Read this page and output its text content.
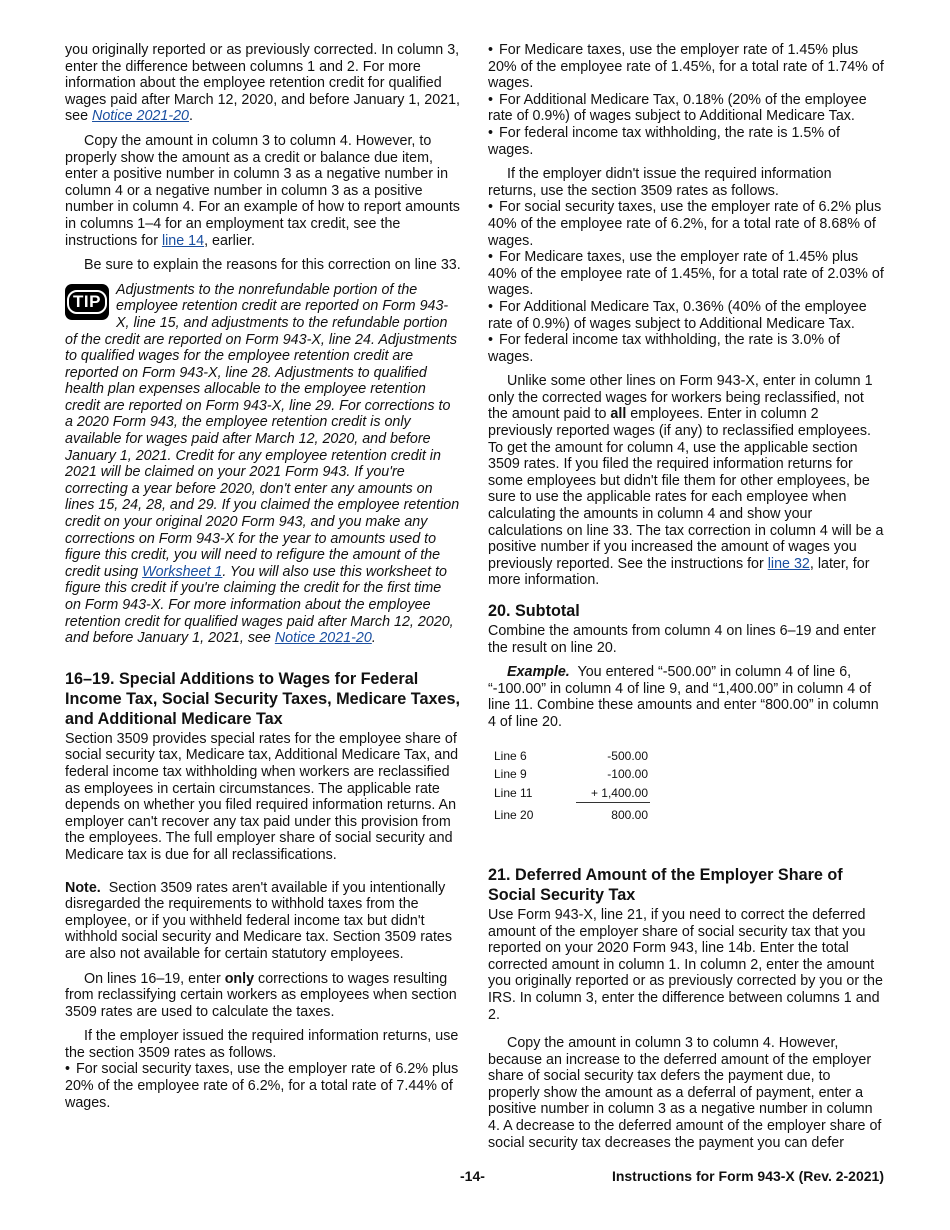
you originally reported or as previously corrected. In column 3, enter the difference between columns 1 and 2. For more information about the employee retention credit for qualified wages paid after March 12, 2020, and before January 1, 2021, see Notice 2021-20.

Copy the amount in column 3 to column 4. However, to properly show the amount as a credit or balance due item, enter a positive number in column 3 as a negative number in column 4 or a negative number in column 3 as a positive number in column 4. For an example of how to report amounts in columns 1–4 for an employment tax credit, see the instructions for line 14, earlier.

Be sure to explain the reasons for this correction on line 33.

TIP
Adjustments to the nonrefundable portion of the employee retention credit are reported on Form 943-X, line 15, and adjustments to the refundable portion of the credit are reported on Form 943-X, line 24. Adjustments to qualified wages for the employee retention credit are reported on Form 943-X, line 28. Adjustments to qualified health plan expenses allocable to the employee retention credit are reported on Form 943-X, line 29. For corrections to a 2020 Form 943, the employee retention credit is only available for wages paid after March 12, 2020, and before January 1, 2021. Credit for any employee retention credit in 2021 will be claimed on your 2021 Form 943. If you're correcting a year before 2020, don't enter any amounts on lines 15, 24, 28, and 29. If you claimed the employee retention credit on your original 2020 Form 943, and you make any corrections on Form 943-X for the year to amounts used to figure this credit, you will need to refigure the amount of the credit using Worksheet 1. You will also use this worksheet to figure this credit if you're claiming the credit for the first time on Form 943-X. For more information about the employee retention credit for qualified wages paid after March 12, 2020, and before January 1, 2021, see Notice 2021-20.
16–19. Special Additions to Wages for Federal Income Tax, Social Security Taxes, Medicare Taxes, and Additional Medicare Tax

Section 3509 provides special rates for the employee share of social security tax, Medicare tax, Additional Medicare Tax, and federal income tax withholding when workers are reclassified as employees in certain circumstances. The applicable rate depends on whether you filed required information returns. An employer can't recover any tax paid under this provision from the employees. The full employer share of social security and Medicare tax is due for all reclassifications.

Note. Section 3509 rates aren't available if you intentionally disregarded the requirements to withhold taxes from the employee, or if you withheld federal income tax but didn't withhold social security and Medicare tax. Section 3509 rates are also not available for certain statutory employees.

On lines 16–19, enter only corrections to wages resulting from reclassifying certain workers as employees when section 3509 rates are used to calculate the taxes.

If the employer issued the required information returns, use the section 3509 rates as follows.

• For social security taxes, use the employer rate of 6.2% plus 20% of the employee rate of 6.2%, for a total rate of 7.44% of wages.

• For Medicare taxes, use the employer rate of 1.45% plus 20% of the employee rate of 1.45%, for a total rate of 1.74% of wages.

• For Additional Medicare Tax, 0.18% (20% of the employee rate of 0.9%) of wages subject to Additional Medicare Tax.

• For federal income tax withholding, the rate is 1.5% of wages.

If the employer didn't issue the required information returns, use the section 3509 rates as follows.

• For social security taxes, use the employer rate of 6.2% plus 40% of the employee rate of 6.2%, for a total rate of 8.68% of wages.

• For Medicare taxes, use the employer rate of 1.45% plus 40% of the employee rate of 1.45%, for a total rate of 2.03% of wages.

• For Additional Medicare Tax, 0.36% (40% of the employee rate of 0.9%) of wages subject to Additional Medicare Tax.

• For federal income tax withholding, the rate is 3.0% of wages.

Unlike some other lines on Form 943-X, enter in column 1 only the corrected wages for workers being reclassified, not the amount paid to all employees. Enter in column 2 previously reported wages (if any) to reclassified employees. To get the amount for column 4, use the applicable section 3509 rates. If you filed the required information returns for some employees but didn't file them for other employees, be sure to use the applicable rates for each employee when calculating the amounts in column 4 and show your calculations on line 33. The tax correction in column 4 will be a positive number if you increased the amount of wages you previously reported. See the instructions for line 32, later, for more information.

20. Subtotal

Combine the amounts from column 4 on lines 6–19 and enter the result on line 20.

Example. You entered “-500.00” in column 4 of line 6, “-100.00” in column 4 of line 9, and “1,400.00” in column 4 of line 11. Combine these amounts and enter “800.00” in column 4 of line 20.

Line 6	-500.00
Line 9	-100.00
Line 11	+ 1,400.00
Line 20	800.00
21. Deferred Amount of the Employer Share of Social Security Tax

Use Form 943-X, line 21, if you need to correct the deferred amount of the employer share of social security tax that you reported on your 2020 Form 943, line 14b. Enter the total corrected amount in column 1. In column 2, enter the amount you originally reported or as previously corrected by you or the IRS. In column 3, enter the difference between columns 1 and 2.

Copy the amount in column 3 to column 4. However, because an increase to the deferred amount of the employer share of social security tax defers the payment due, to properly show the amount as a deferral of payment, enter a positive number in column 3 as a negative number in column 4. A decrease to the deferred amount of the employer share of social security tax decreases the payment you can defer

-14-	Instructions for Form 943-X (Rev. 2-2021)
